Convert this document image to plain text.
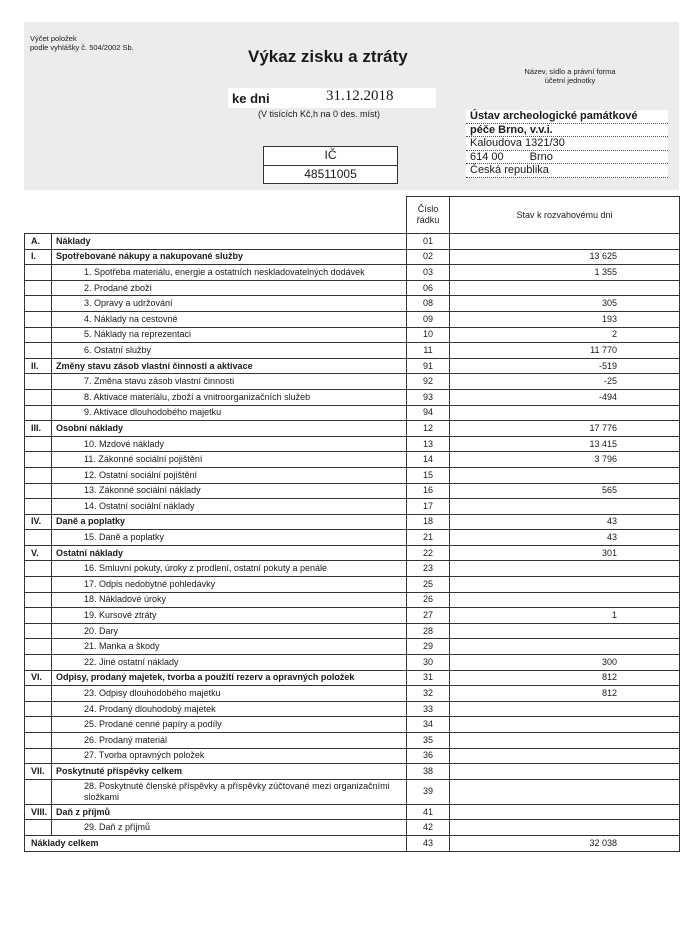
Výčet položek
podle vyhlášky č. 504/2002 Sb.	Výkaz zisku a ztráty
ke dni	31.12.2018
(V tisících Kč,h na 0 des. míst)
IČ
48511005
Název, sídlo a právní forma
účetní jednotky
Ústav archeologické památkové
péče Brno, v.v.i.
Kaloudova 1321/30
614 00 Brno
Česká republika
		Číslo
řádku	Stav k rozvahovému dni
A.	Náklady	01	
I.	Spotřebované nákupy a nakupované služby	02	13 625
	1. Spotřeba materiálu, energie a ostatních neskladovatelných dodávek	03	1 355
	2. Prodané zboží	06	
	3. Opravy a udržování	08	305
	4. Náklady na cestovné	09	193
	5. Náklady na reprezentaci	10	2
	6. Ostatní služby	11	11 770
II.	Změny stavu zásob vlastní činnosti a aktivace	91	-519
	7. Změna stavu zásob vlastní činnosti	92	-25
	8. Aktivace materiálu, zboží a vnitroorganizačních služeb	93	-494
	9. Aktivace dlouhodobého majetku	94	
III.	Osobní náklady	12	17 776
	10. Mzdové náklady	13	13 415
	11. Zákonné sociální pojištění	14	3 796
	12. Ostatní sociální pojištění	15	
	13. Zákonné sociální náklady	16	565
	14. Ostatní sociální náklady	17	
IV.	Daně a poplatky	18	43
	15. Daně a poplatky	21	43
V.	Ostatní náklady	22	301
	16. Smluvní pokuty, úroky z prodlení, ostatní pokuty a penále	23	
	17. Odpis nedobytné pohledávky	25	
	18. Nákladové úroky	26	
	19. Kursové ztráty	27	1
	20. Dary	28	
	21. Manka a škody	29	
	22. Jiné ostatní náklady	30	300
VI.	Odpisy, prodaný majetek, tvorba a použití rezerv a opravných položek	31	812
	23. Odpisy dlouhodobého majetku	32	812
	24. Prodaný dlouhodobý majetek	33	
	25. Prodané cenné papíry a podíly	34	
	26. Prodaný materiál	35	
	27. Tvorba opravných položek	36	
VII.	Poskytnuté příspěvky celkem	38	
	28. Poskytnuté členské příspěvky a příspěvky zúčtované mezi organizačními složkami	39	
VIII.	Daň z příjmů	41	
	29. Daň z příjmů	42	
Náklady celkem		43	32 038
